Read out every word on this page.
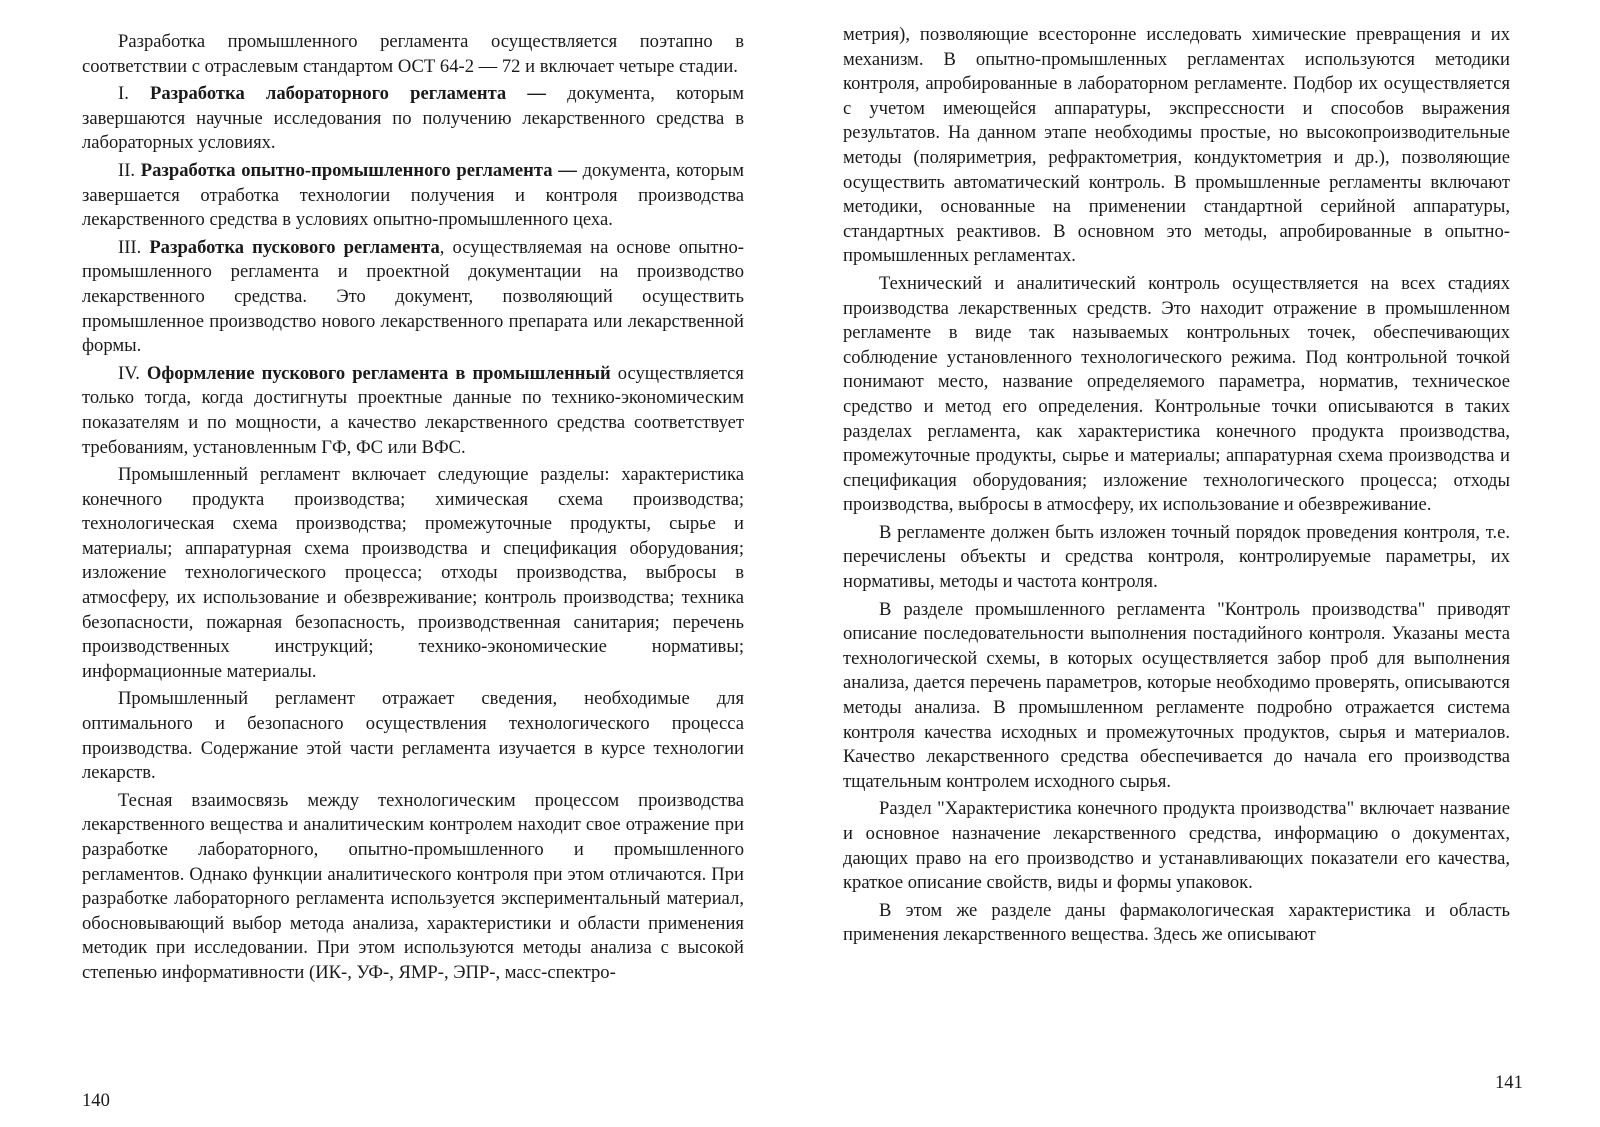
Разработка промышленного регламента осуществляется поэтапно в соответствии с отраслевым стандартом ОСТ 64-2 — 72 и включает четыре стадии.

I. Разработка лабораторного регламента — документа, которым завершаются научные исследования по получению лекарственного средства в лабораторных условиях.

II. Разработка опытно-промышленного регламента — документа, которым завершается отработка технологии получения и контроля производства лекарственного средства в условиях опытно-промышленного цеха.

III. Разработка пускового регламента, осуществляемая на основе опытно-промышленного регламента и проектной документации на производство лекарственного средства. Это документ, позволяющий осуществить промышленное производство нового лекарственного препарата или лекарственной формы.

IV. Оформление пускового регламента в промышленный осуществляется только тогда, когда достигнуты проектные данные по технико-экономическим показателям и по мощности, а качество лекарственного средства соответствует требованиям, установленным ГФ, ФС или ВФС.

Промышленный регламент включает следующие разделы: характеристика конечного продукта производства; химическая схема производства; технологическая схема производства; промежуточные продукты, сырье и материалы; аппаратурная схема производства и спецификация оборудования; изложение технологического процесса; отходы производства, выбросы в атмосферу, их использование и обезвреживание; контроль производства; техника безопасности, пожарная безопасность, производственная санитария; перечень производственных инструкций; технико-экономические нормативы; информационные материалы.

Промышленный регламент отражает сведения, необходимые для оптимального и безопасного осуществления технологического процесса производства. Содержание этой части регламента изучается в курсе технологии лекарств.

Тесная взаимосвязь между технологическим процессом производства лекарственного вещества и аналитическим контролем находит свое отражение при разработке лабораторного, опытно-промышленного и промышленного регламентов. Однако функции аналитического контроля при этом отличаются. При разработке лабораторного регламента используется экспериментальный материал, обосновывающий выбор метода анализа, характеристики и области применения методик при исследовании. При этом используются методы анализа с высокой степенью информативности (ИК-, УФ-, ЯМР-, ЭПР-, масс-спектро-

140

метрия), позволяющие всесторонне исследовать химические превращения и их механизм. В опытно-промышленных регламентах используются методики контроля, апробированные в лабораторном регламенте. Подбор их осуществляется с учетом имеющейся аппаратуры, экспрессности и способов выражения результатов. На данном этапе необходимы простые, но высокопроизводительные методы (поляриметрия, рефрактометрия, кондуктометрия и др.), позволяющие осуществить автоматический контроль. В промышленные регламенты включают методики, основанные на применении стандартной серийной аппаратуры, стандартных реактивов. В основном это методы, апробированные в опытно-промышленных регламентах.

Технический и аналитический контроль осуществляется на всех стадиях производства лекарственных средств. Это находит отражение в промышленном регламенте в виде так называемых контрольных точек, обеспечивающих соблюдение установленного технологического режима. Под контрольной точкой понимают место, название определяемого параметра, норматив, техническое средство и метод его определения. Контрольные точки описываются в таких разделах регламента, как характеристика конечного продукта производства, промежуточные продукты, сырье и материалы; аппаратурная схема производства и спецификация оборудования; изложение технологического процесса; отходы производства, выбросы в атмосферу, их использование и обезвреживание.

В регламенте должен быть изложен точный порядок проведения контроля, т.е. перечислены объекты и средства контроля, контролируемые параметры, их нормативы, методы и частота контроля.

В разделе промышленного регламента "Контроль производства" приводят описание последовательности выполнения постадийного контроля. Указаны места технологической схемы, в которых осуществляется забор проб для выполнения анализа, дается перечень параметров, которые необходимо проверять, описываются методы анализа. В промышленном регламенте подробно отражается система контроля качества исходных и промежуточных продуктов, сырья и материалов. Качество лекарственного средства обеспечивается до начала его производства тщательным контролем исходного сырья.

Раздел "Характеристика конечного продукта производства" включает название и основное назначение лекарственного средства, информацию о документах, дающих право на его производство и устанавливающих показатели его качества, краткое описание свойств, виды и формы упаковок.

В этом же разделе даны фармакологическая характеристика и область применения лекарственного вещества. Здесь же описывают

141
